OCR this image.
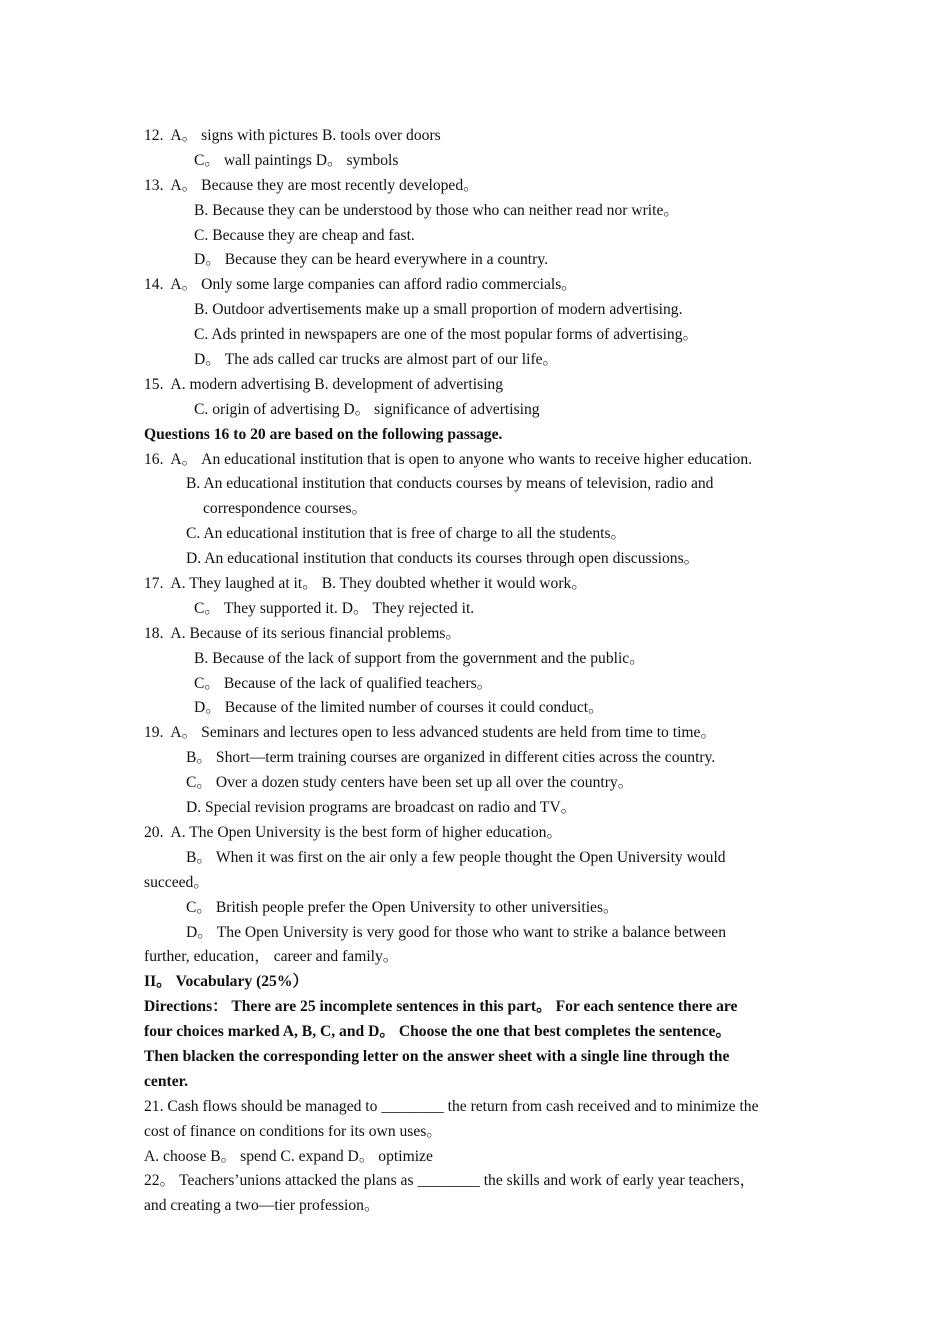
12.  A。 signs with pictures B. tools over doors
C。 wall paintings D。 symbols
13.  A。 Because they are most recently developed。
B. Because they can be understood by those who can neither read nor write。
C. Because they are cheap and fast.
D。 Because they can be heard everywhere in a country.
14.  A。 Only some large companies can afford radio commercials。
B. Outdoor advertisements make up a small proportion of modern advertising.
C. Ads printed in newspapers are one of the most popular forms of advertising。
D。 The ads called car trucks are almost part of our life。
15.  A. modern advertising B. development of advertising
C. origin of advertising D。 significance of advertising
Questions 16 to 20 are based on the following passage.
16.  A。 An educational institution that is open to anyone who wants to receive higher education.
B. An educational institution that conducts courses by means of television, radio and
correspondence courses。
C. An educational institution that is free of charge to all the students。
D. An educational institution that conducts its courses through open discussions。
17.  A. They laughed at it。 B. They doubted whether it would work。
C。 They supported it. D。 They rejected it.
18.  A. Because of its serious financial problems。
B. Because of the lack of support from the government and the public。
C。 Because of the lack of qualified teachers。
D。 Because of the limited number of courses it could conduct。
19.  A。 Seminars and lectures open to less advanced students are held from time to time。
B。 Short—term training courses are organized in different cities across the country.
C。 Over a dozen study centers have been set up all over the country。
D. Special revision programs are broadcast on radio and TV。
20.  A. The Open University is the best form of higher education。
B。 When it was first on the air only a few people thought the Open University would
succeed。
C。 British people prefer the Open University to other universities。
D。 The Open University is very good for those who want to strike a balance between
further, education， career and family。
II。 Vocabulary (25%）
Directions： There are 25 incomplete sentences in this part。 For each sentence there are
four choices marked A, B, C, and D。 Choose the one that best completes the sentence。
Then blacken the corresponding letter on the answer sheet with a single line through the
center.
21. Cash flows should be managed to ________ the return from cash received and to minimize the
cost of finance on conditions for its own uses。
A. choose B。 spend C. expand D。 optimize
22。 Teachers’unions attacked the plans as ________ the skills and work of early year teachers，
and creating a two—tier profession。
